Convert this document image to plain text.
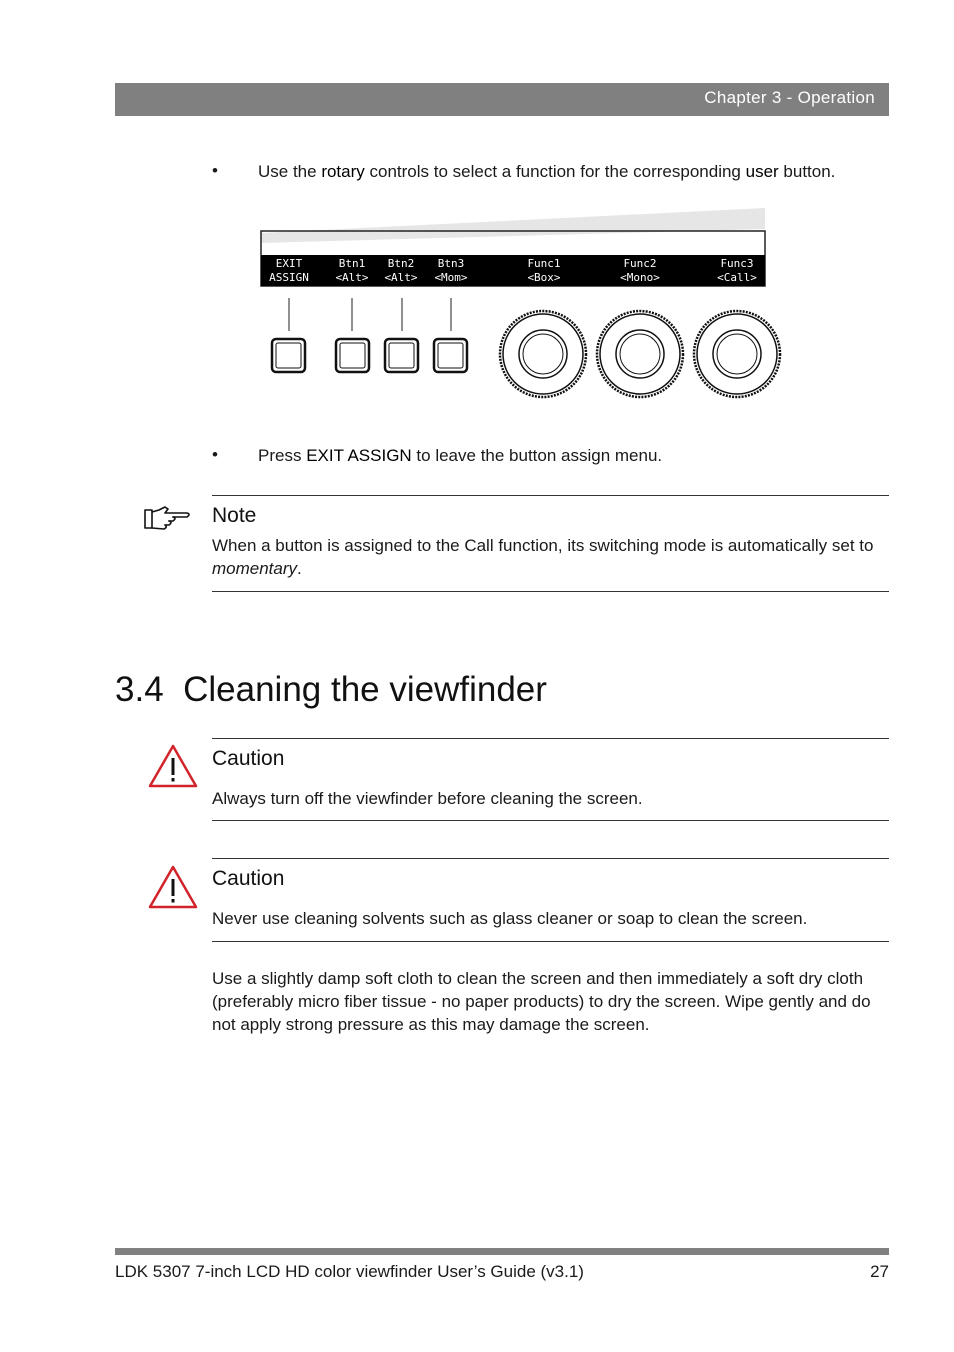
Chapter 3 - Operation
• Use the rotary controls to select a function for the corresponding user button.
EXIT
ASSIGN
Btn1
<Alt>
Btn2
<Alt>
Btn3
<Mom>
Func1
<Box>
Func2
<Mono>
Func3
<Call>
• Press EXIT ASSIGN to leave the button assign menu.
Note
When a button is assigned to the Call function, its switching mode is automatically set to momentary.
3.4  Cleaning the viewfinder
Caution
Always turn off the viewfinder before cleaning the screen.
Caution
Never use cleaning solvents such as glass cleaner or soap to clean the screen.
Use a slightly damp soft cloth to clean the screen and then immediately a soft dry cloth (preferably micro fiber tissue - no paper products) to dry the screen. Wipe gently and do not apply strong pressure as this may damage the screen.
LDK 5307 7-inch LCD HD color viewfinder User’s Guide (v3.1)	27
